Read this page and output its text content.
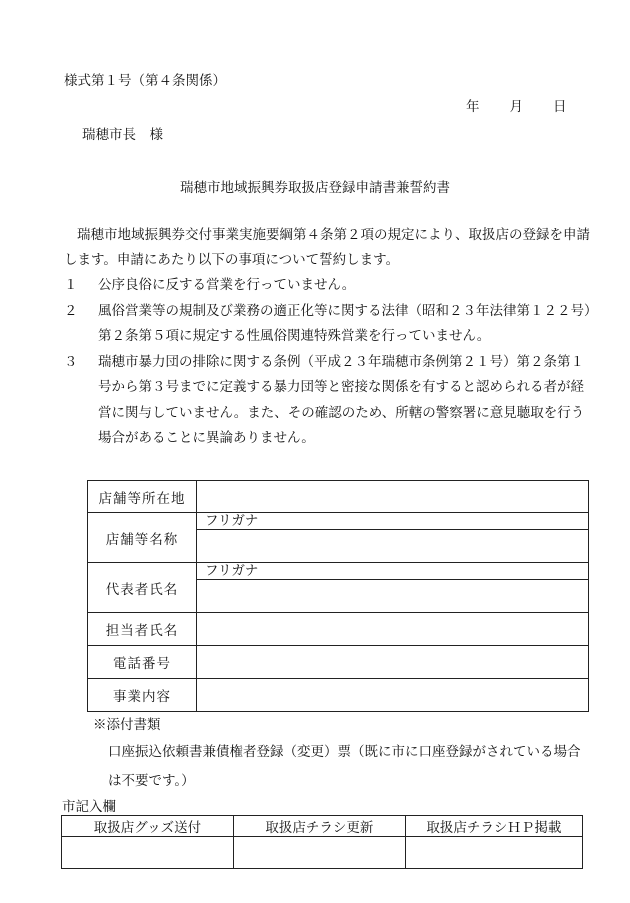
様式第１号（第４条関係）
年 月 日
瑞穂市長　様
瑞穂市地域振興券取扱店登録申請書兼誓約書
瑞穂市地域振興券交付事業実施要綱第４条第２項の規定により、取扱店の登録を申請します。申請にあたり以下の事項について誓約します。
１	公序良俗に反する営業を行っていません。
２	風俗営業等の規制及び業務の適正化等に関する法律（昭和２３年法律第１２２号）第２条第５項に規定する性風俗関連特殊営業を行っていません。
３	瑞穂市暴力団の排除に関する条例（平成２３年瑞穂市条例第２１号）第２条第１号から第３号までに定義する暴力団等と密接な関係を有すると認められる者が経営に関与していません。また、その確認のため、所轄の警察署に意見聴取を行う場合があることに異論ありません。
店舗等所在地	
店舗等名称	フリガナ

代表者氏名	フリガナ

担当者氏名	
電話番号	
事業内容	
※添付書類
口座振込依頼書兼債権者登録（変更）票（既に市に口座登録がされている場合は不要です。）
市記入欄
取扱店グッズ送付	取扱店チラシ更新	取扱店チラシＨＰ掲載
